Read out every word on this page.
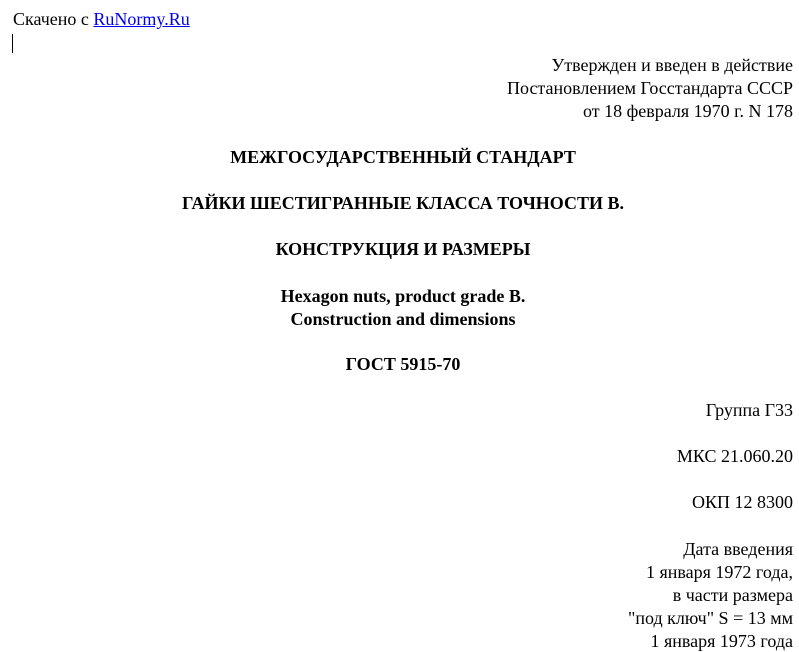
Скачено с RuNormy.Ru
Утвержден и введен в действие
Постановлением Госстандарта СССР
от 18 февраля 1970 г. N 178
МЕЖГОСУДАРСТВЕННЫЙ СТАНДАРТ
ГАЙКИ ШЕСТИГРАННЫЕ КЛАССА ТОЧНОСТИ В.
КОНСТРУКЦИЯ И РАЗМЕРЫ
Hexagon nuts, product grade B.
Construction and dimensions
ГОСТ 5915-70
Группа Г33
МКС 21.060.20
ОКП 12 8300
Дата введения
1 января 1972 года,
в части размера
"под ключ" S = 13 мм
1 января 1973 года
